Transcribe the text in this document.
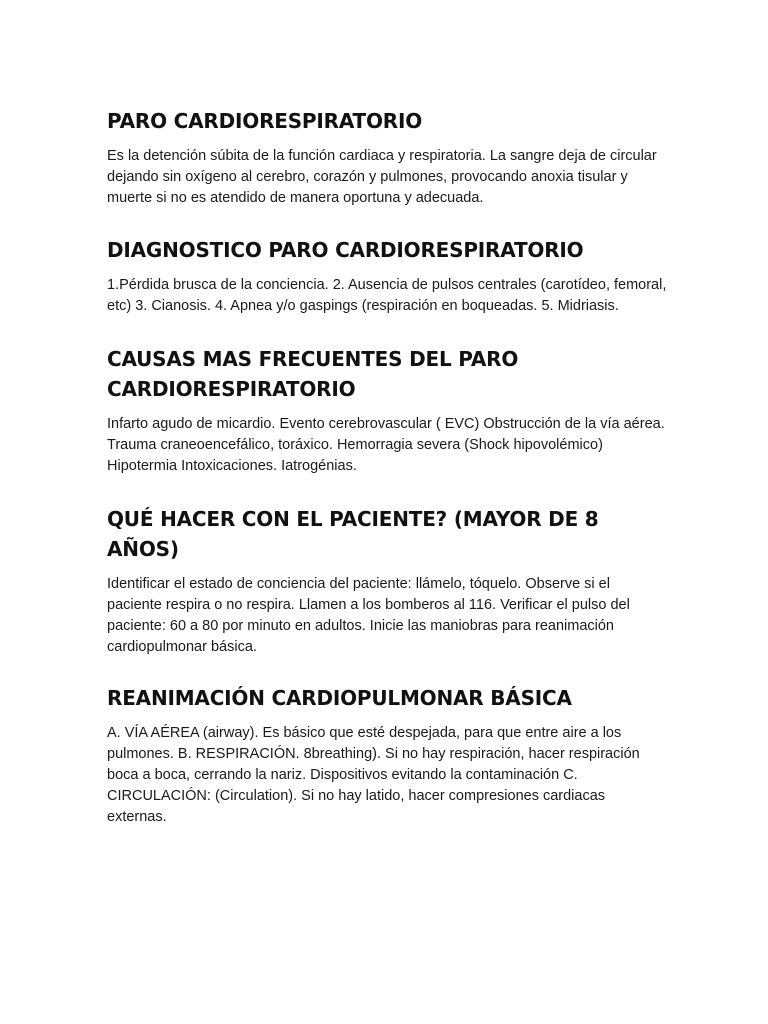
PARO CARDIORESPIRATORIO

Es la detención súbita de la función cardiaca y respiratoria. La sangre deja de circular dejando sin oxígeno al cerebro, corazón y pulmones, provocando anoxia tisular y muerte si no es atendido de manera oportuna y adecuada.

DIAGNOSTICO PARO CARDIORESPIRATORIO

1.Pérdida brusca de la conciencia. 2. Ausencia de pulsos centrales (carotídeo, femoral, etc) 3. Cianosis. 4. Apnea y/o gaspings (respiración en boqueadas. 5. Midriasis.

CAUSAS MAS FRECUENTES DEL PARO CARDIORESPIRATORIO

Infarto agudo de micardio. Evento cerebrovascular ( EVC) Obstrucción de la vía aérea. Trauma craneoencefálico, toráxico. Hemorragia severa (Shock hipovolémico) Hipotermia Intoxicaciones. Iatrogénias.

QUÉ HACER CON EL PACIENTE? (MAYOR DE 8 AÑOS)

Identificar el estado de conciencia del paciente: llámelo, tóquelo. Observe si el paciente respira o no respira. Llamen a los bomberos al 116. Verificar el pulso del paciente: 60 a 80 por minuto en adultos. Inicie las maniobras para reanimación cardiopulmonar básica.

REANIMACIÓN CARDIOPULMONAR BÁSICA

A. VÍA AÉREA (airway). Es básico que esté despejada, para que entre aire a los pulmones. B. RESPIRACIÓN. 8breathing). Si no hay respiración, hacer respiración boca a boca, cerrando la nariz. Dispositivos evitando la contaminación C. CIRCULACIÓN: (Circulation). Si no hay latido, hacer compresiones cardiacas externas.
